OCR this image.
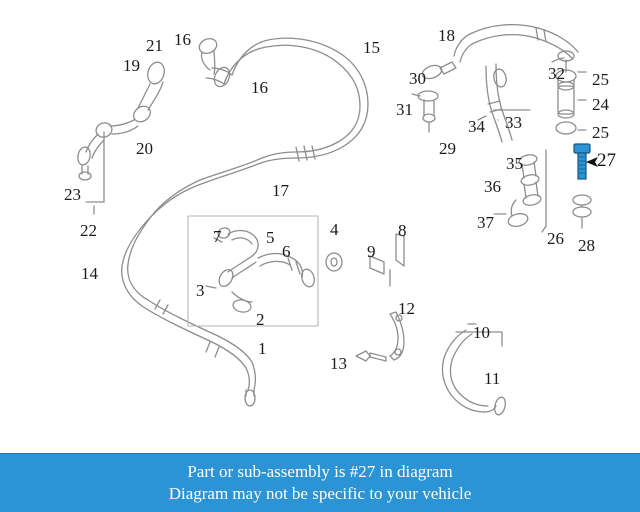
1
2
3
4
5
6
7	8
9
10
11
12
13
14
15
16
16
17
18
19
20
21
22
23
24
25
25
26
27
28
29
30
31
32
33
34
35
36
37
Part or sub-assembly is #27 in diagram
Diagram may not be specific to your vehicle
